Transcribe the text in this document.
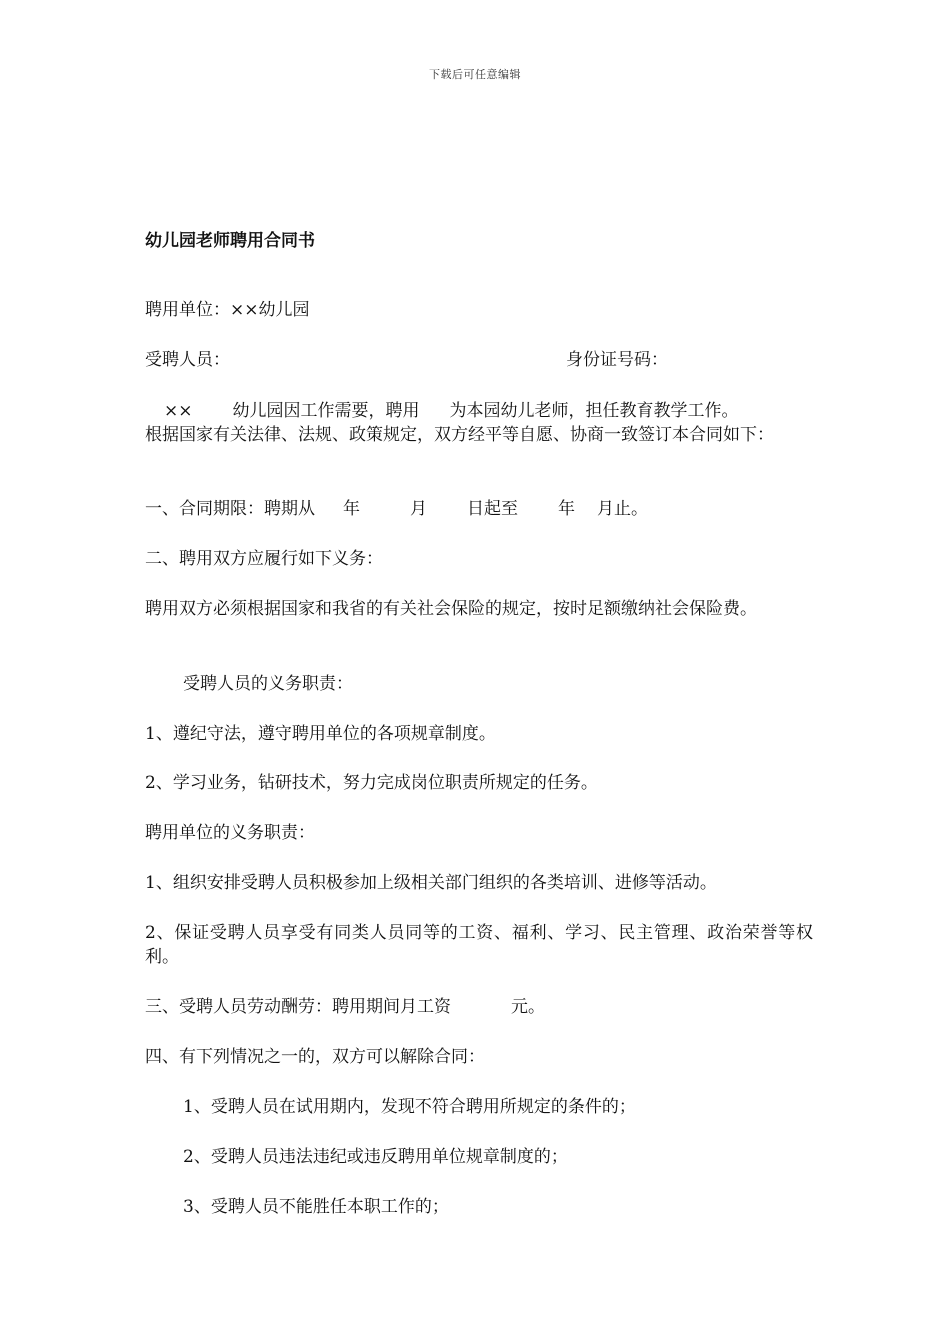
下载后可任意编辑
幼儿园老师聘用合同书
聘用单位：××幼儿园
受聘人员：	身份证号码：
×× 幼儿园因工作需要，聘用 为本园幼儿老师，担任教育教学工作。
根据国家有关法律、法规、政策规定，双方经平等自愿、协商一致签订本合同如下：
一、合同期限：聘期从 年	月 日起至 年 月止。
二、聘用双方应履行如下义务：
聘用双方必须根据国家和我省的有关社会保险的规定，按时足额缴纳社会保险费。
受聘人员的义务职责：
1、遵纪守法，遵守聘用单位的各项规章制度。
2、学习业务，钻研技术，努力完成岗位职责所规定的任务。
聘用单位的义务职责：
1、组织安排受聘人员积极参加上级相关部门组织的各类培训、进修等活动。
2、保证受聘人员享受有同类人员同等的工资、福利、学习、民主管理、政治荣誉等权利。
三、受聘人员劳动酬劳：聘用期间月工资	元。
四、有下列情况之一的，双方可以解除合同：
1、受聘人员在试用期内，发现不符合聘用所规定的条件的；
2、受聘人员违法违纪或违反聘用单位规章制度的；
3、受聘人员不能胜任本职工作的；
